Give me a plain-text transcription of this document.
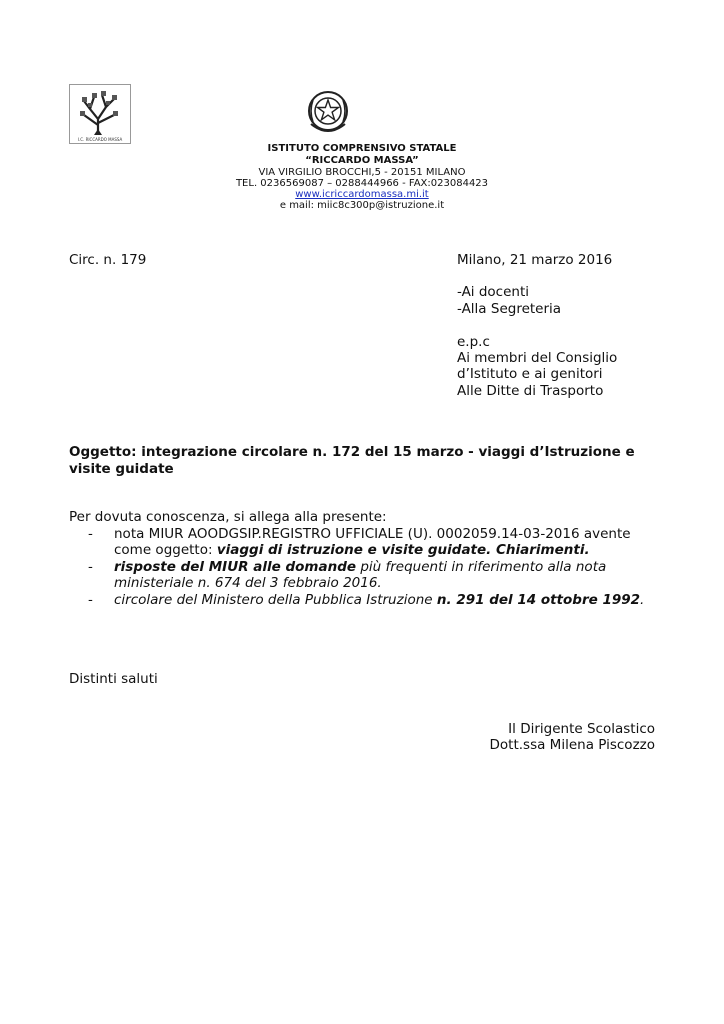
I.C. RICCARDO MASSA
ISTITUTO COMPRENSIVO STATALE
“RICCARDO MASSA”
VIA VIRGILIO BROCCHI,5 - 20151 MILANO
TEL. 0236569087 – 0288444966 - FAX:023084423
www.icriccardomassa.mi.it
e mail: miic8c300p@istruzione.it
Circ. n. 179	Milano, 21 marzo 2016
-Ai docenti
-Alla Segreteria
e.p.c
Ai membri del Consiglio
d’Istituto e ai genitori
Alle Ditte di Trasporto
Oggetto: integrazione circolare n. 172 del 15 marzo - viaggi d’Istruzione e
visite guidate

Per dovuta conoscenza, si allega alla presente:

- nota MIUR AOODGSIP.REGISTRO UFFICIALE (U). 0002059.14-03-2016 avente
come oggetto: viaggi di istruzione e visite guidate. Chiarimenti.
- risposte del MIUR alle domande più frequenti in riferimento alla nota
ministeriale n. 674 del 3 febbraio 2016.
- circolare del Ministero della Pubblica Istruzione n. 291 del 14 ottobre 1992.
Distinti saluti
Il Dirigente Scolastico
Dott.ssa Milena Piscozzo
